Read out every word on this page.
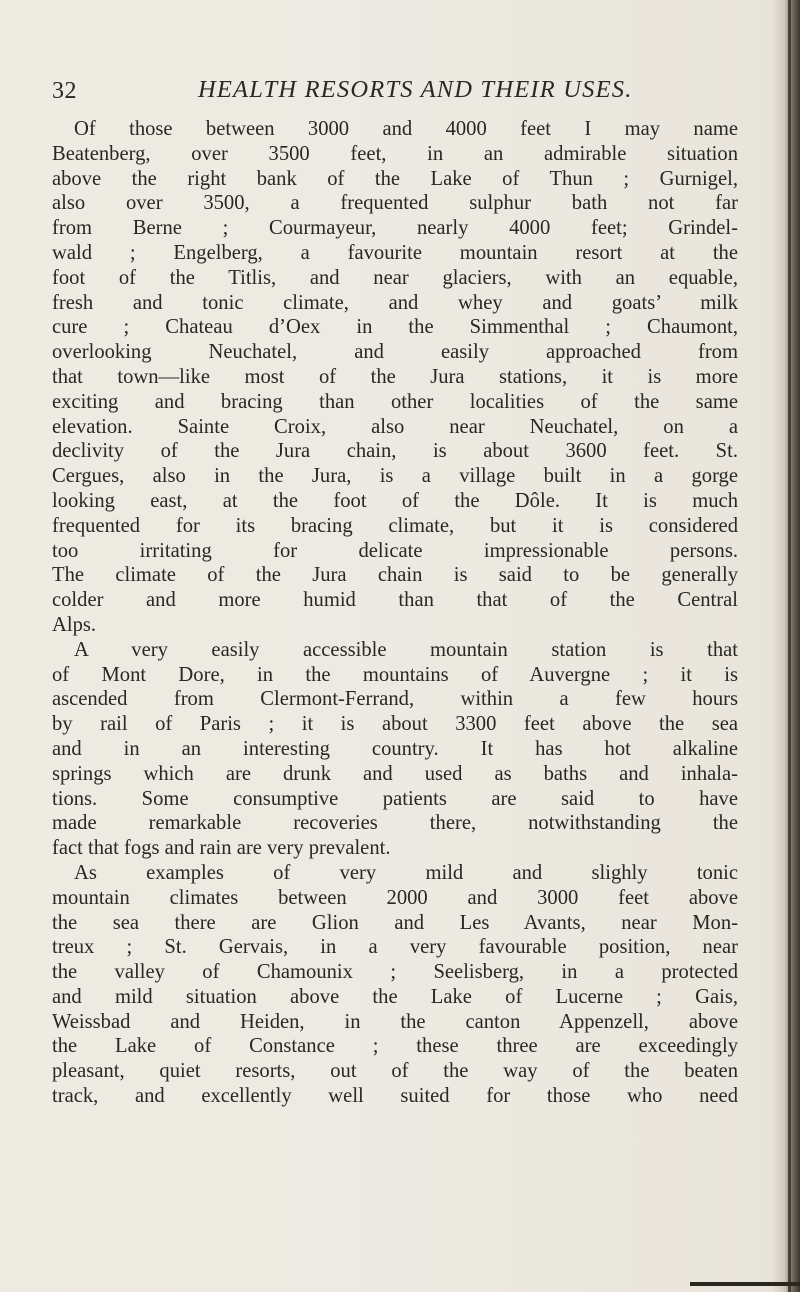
32	HEALTH RESORTS AND THEIR USES.
Of those between 3000 and 4000 feet I may name
Beatenberg, over 3500 feet, in an admirable situation
above the right bank of the Lake of Thun ; Gurnigel,
also over 3500, a frequented sulphur bath not far
from Berne ; Courmayeur, nearly 4000 feet; Grindel-
wald ; Engelberg, a favourite mountain resort at the
foot of the Titlis, and near glaciers, with an equable,
fresh and tonic climate, and whey and goats’ milk
cure ; Chateau d’Oex in the Simmenthal ; Chaumont,
overlooking Neuchatel, and easily approached from
that town—like most of the Jura stations, it is more
exciting and bracing than other localities of the same
elevation. Sainte Croix, also near Neuchatel, on a
declivity of the Jura chain, is about 3600 feet. St.
Cergues, also in the Jura, is a village built in a gorge
looking east, at the foot of the Dôle. It is much
frequented for its bracing climate, but it is considered
too irritating for delicate impressionable persons.
The climate of the Jura chain is said to be generally
colder and more humid than that of the Central
Alps.
A very easily accessible mountain station is that
of Mont Dore, in the mountains of Auvergne ; it is
ascended from Clermont-Ferrand, within a few hours
by rail of Paris ; it is about 3300 feet above the sea
and in an interesting country. It has hot alkaline
springs which are drunk and used as baths and inhala-
tions. Some consumptive patients are said to have
made remarkable recoveries there, notwithstanding the
fact that fogs and rain are very prevalent.
As examples of very mild and slighly tonic
mountain climates between 2000 and 3000 feet above
the sea there are Glion and Les Avants, near Mon-
treux ; St. Gervais, in a very favourable position, near
the valley of Chamounix ; Seelisberg, in a protected
and mild situation above the Lake of Lucerne ; Gais,
Weissbad and Heiden, in the canton Appenzell, above
the Lake of Constance ; these three are exceedingly
pleasant, quiet resorts, out of the way of the beaten
track, and excellently well suited for those who need
